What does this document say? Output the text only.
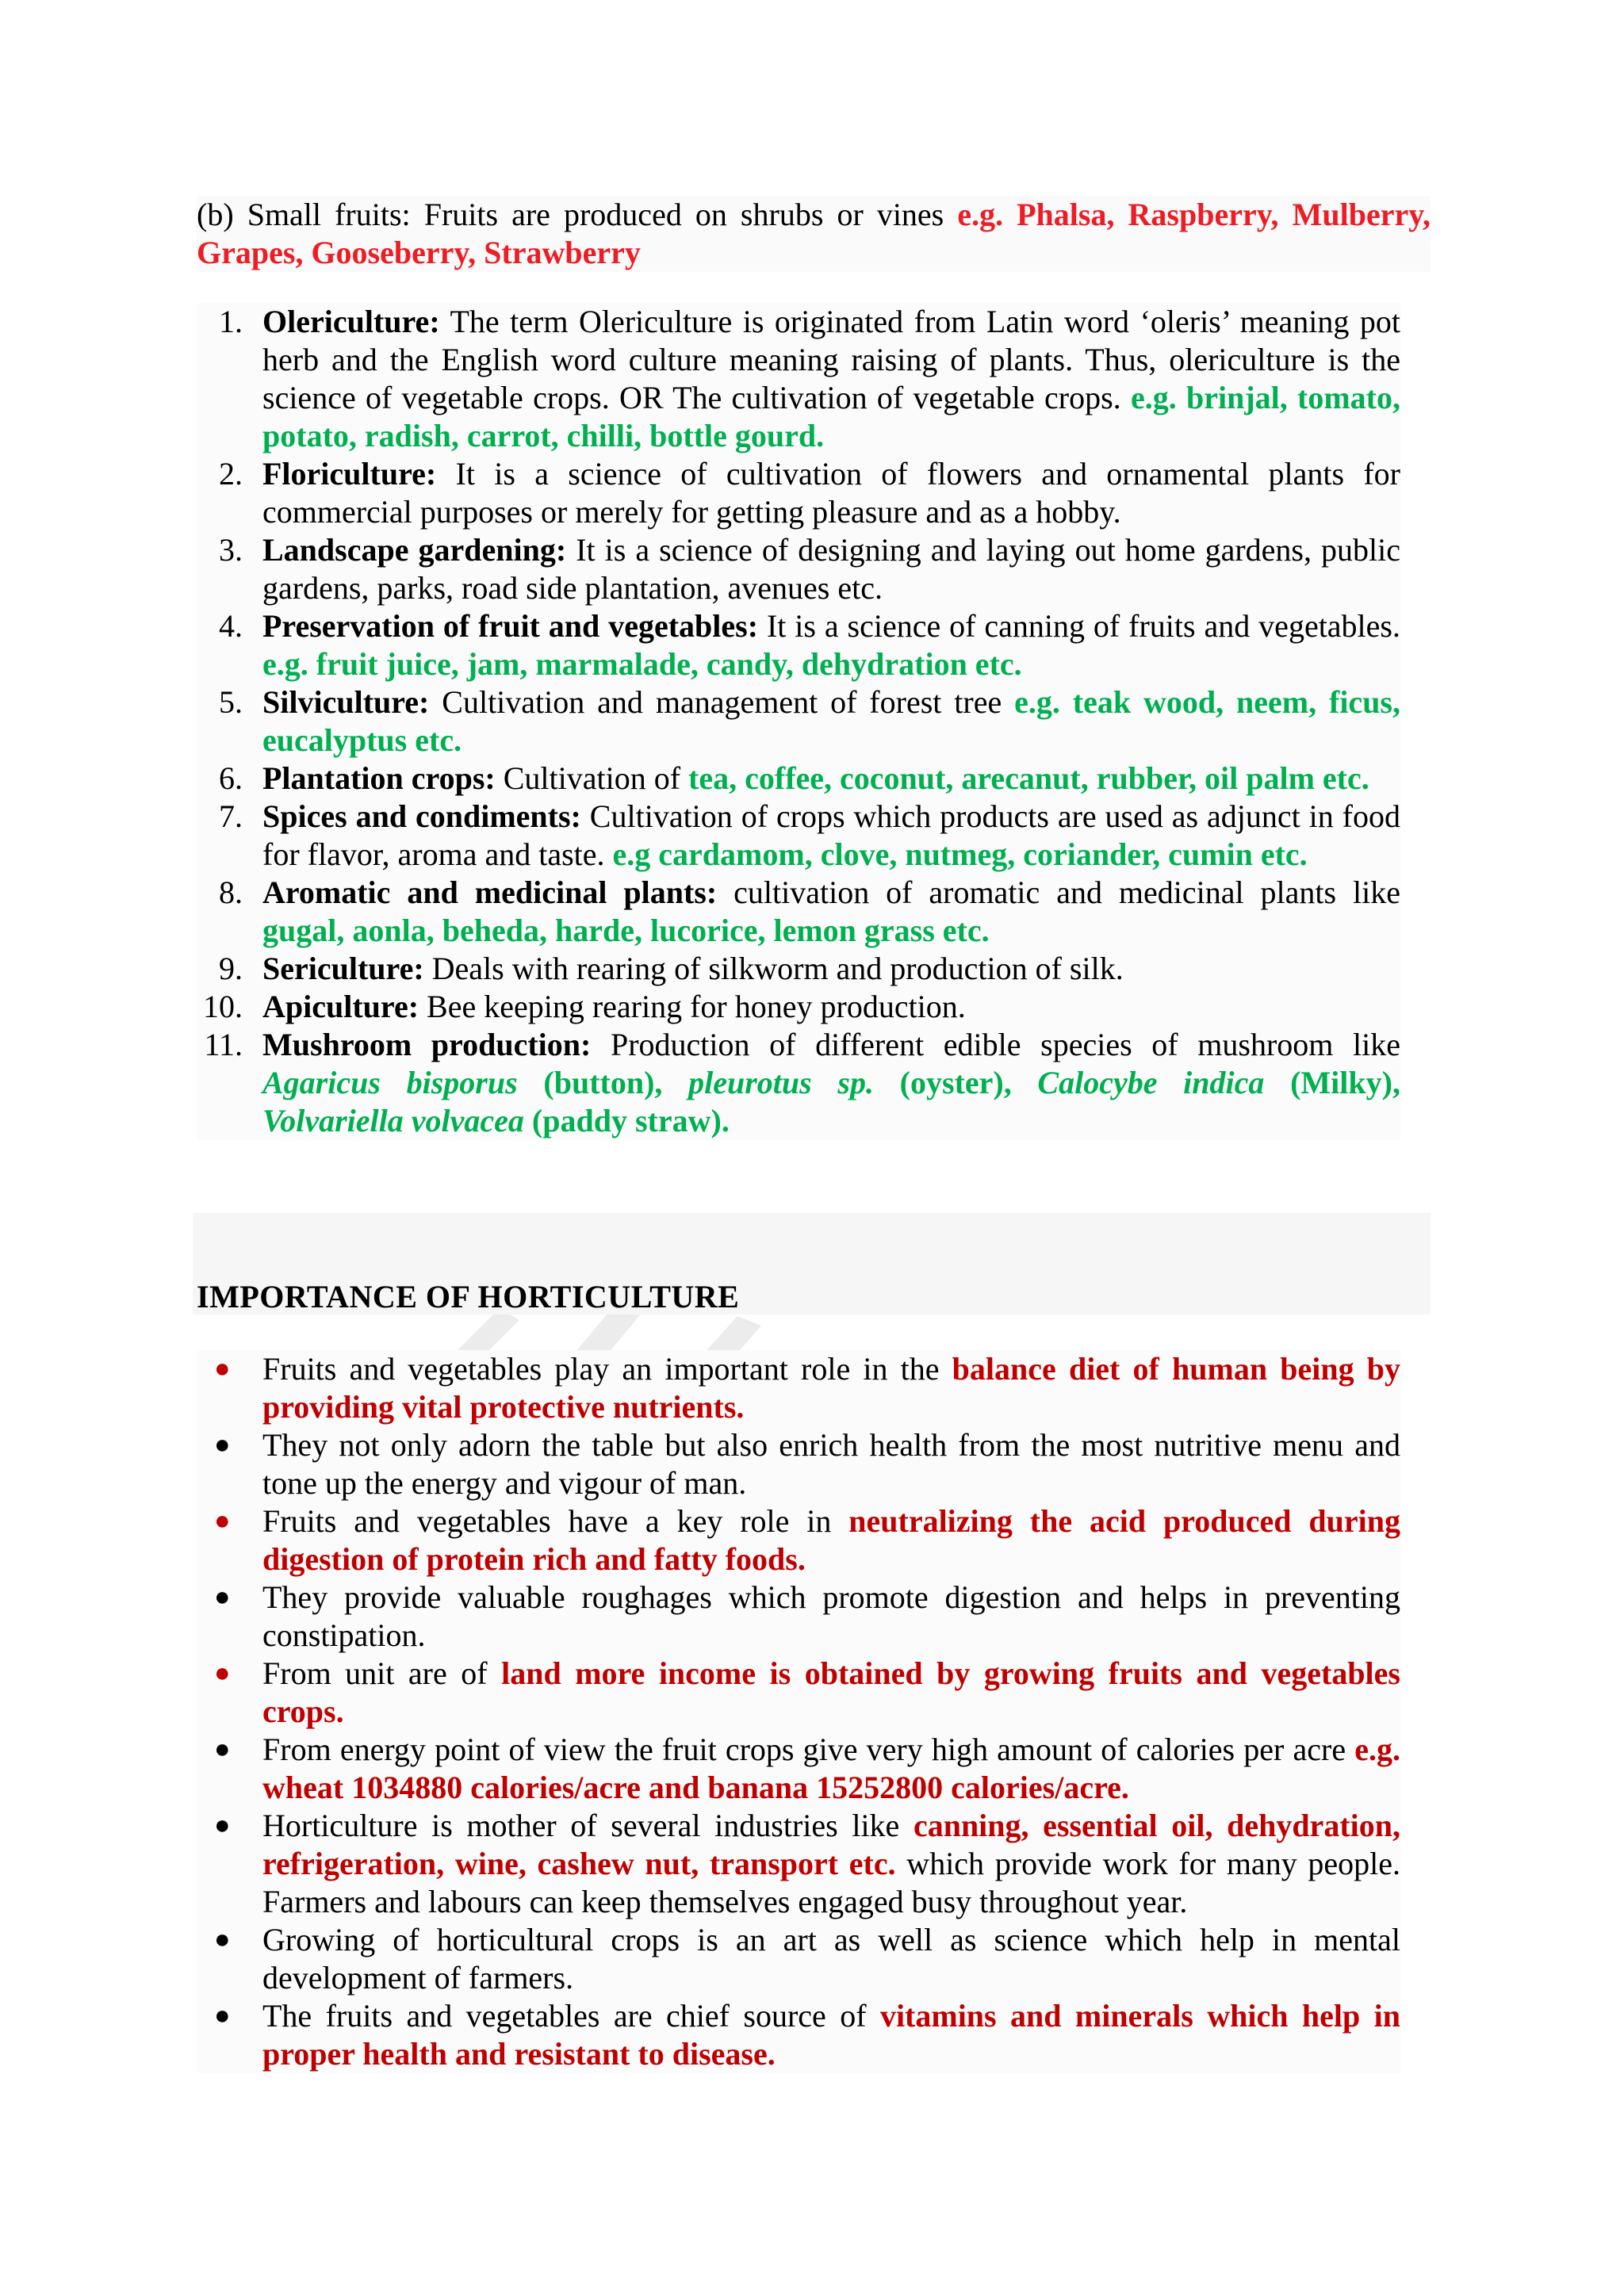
(b) Small fruits: Fruits are produced on shrubs or vines e.g. Phalsa, Raspberry, Mulberry, Grapes, Gooseberry, Strawberry

1. Olericulture: The term Olericulture is originated from Latin word ‘oleris’ meaning pot herb and the English word culture meaning raising of plants. Thus, olericulture is the science of vegetable crops. OR The cultivation of vegetable crops. e.g. brinjal, tomato, potato, radish, carrot, chilli, bottle gourd.
2. Floriculture: It is a science of cultivation of flowers and ornamental plants for commercial purposes or merely for getting pleasure and as a hobby.
3. Landscape gardening: It is a science of designing and laying out home gardens, public gardens, parks, road side plantation, avenues etc.
4. Preservation of fruit and vegetables: It is a science of canning of fruits and vegetables. e.g. fruit juice, jam, marmalade, candy, dehydration etc.
5. Silviculture: Cultivation and management of forest tree e.g. teak wood, neem, ficus, eucalyptus etc.
6. Plantation crops: Cultivation of tea, coffee, coconut, arecanut, rubber, oil palm etc.
7. Spices and condiments: Cultivation of crops which products are used as adjunct in food for flavor, aroma and taste. e.g cardamom, clove, nutmeg, coriander, cumin etc.
8. Aromatic and medicinal plants: cultivation of aromatic and medicinal plants like gugal, aonla, beheda, harde, lucorice, lemon grass etc.
9. Sericulture: Deals with rearing of silkworm and production of silk.
10. Apiculture: Bee keeping rearing for honey production.
11. Mushroom production: Production of different edible species of mushroom like Agaricus bisporus (button), pleurotus sp. (oyster), Calocybe indica (Milky), Volvariella volvacea (paddy straw).
IMPORTANCE OF HORTICULTURE
● Fruits and vegetables play an important role in the balance diet of human being by providing vital protective nutrients.
● They not only adorn the table but also enrich health from the most nutritive menu and tone up the energy and vigour of man.
● Fruits and vegetables have a key role in neutralizing the acid produced during digestion of protein rich and fatty foods.
● They provide valuable roughages which promote digestion and helps in preventing constipation.
● From unit are of land more income is obtained by growing fruits and vegetables crops.
● From energy point of view the fruit crops give very high amount of calories per acre e.g. wheat 1034880 calories/acre and banana 15252800 calories/acre.
● Horticulture is mother of several industries like canning, essential oil, dehydration, refrigeration, wine, cashew nut, transport etc. which provide work for many people. Farmers and labours can keep themselves engaged busy throughout year.
● Growing of horticultural crops is an art as well as science which help in mental development of farmers.
● The fruits and vegetables are chief source of vitamins and minerals which help in proper health and resistant to disease.
